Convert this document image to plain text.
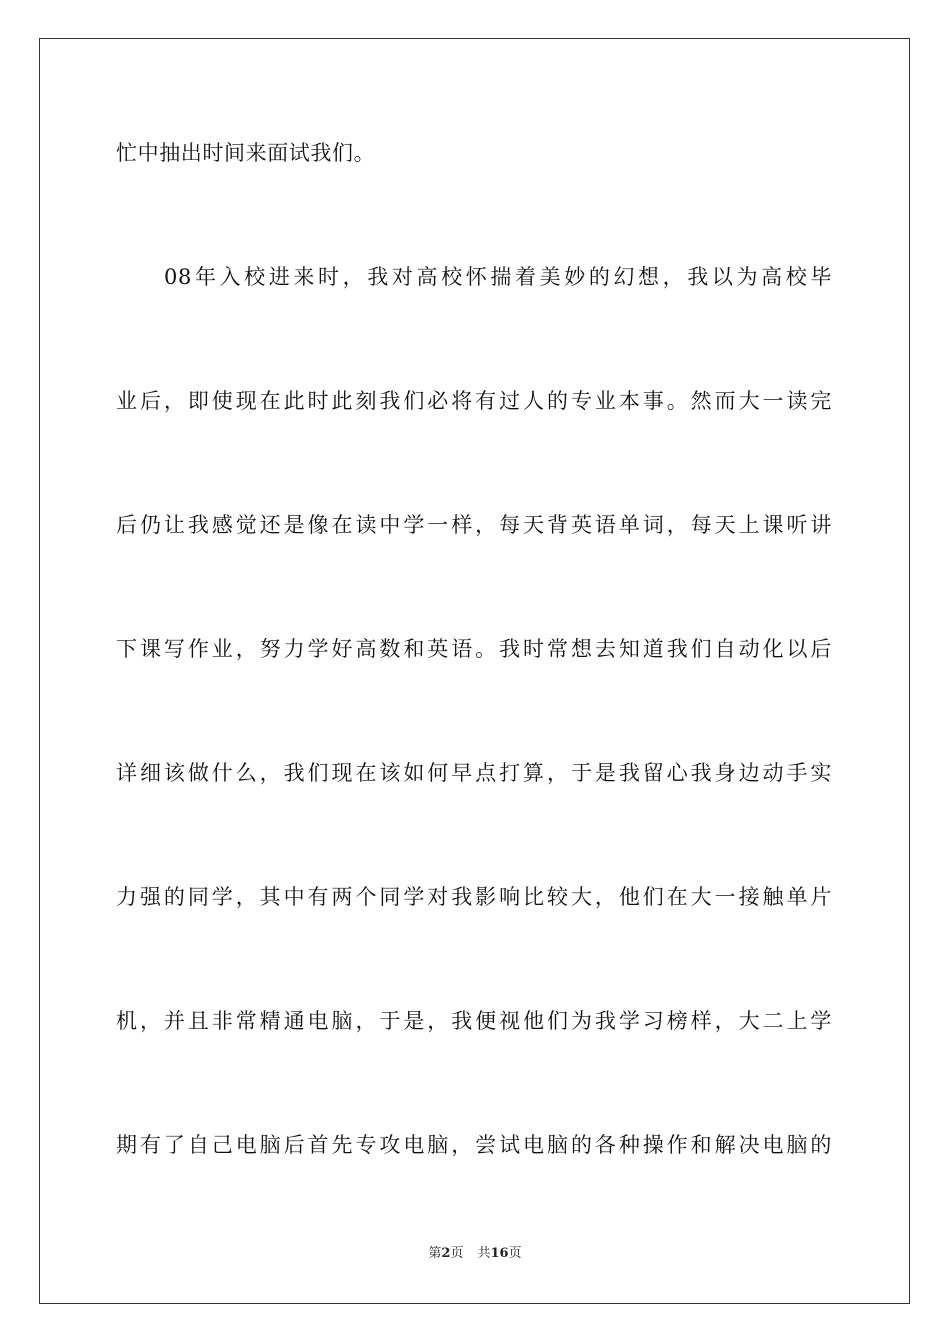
忙中抽出时间来面试我们。
08年入校进来时，我对高校怀揣着美妙的幻想，我以为高校毕
业后，即使现在此时此刻我们必将有过人的专业本事。然而大一读完
后仍让我感觉还是像在读中学一样，每天背英语单词，每天上课听讲
下课写作业，努力学好高数和英语。我时常想去知道我们自动化以后
详细该做什么，我们现在该如何早点打算，于是我留心我身边动手实
力强的同学，其中有两个同学对我影响比较大，他们在大一接触单片
机，并且非常精通电脑，于是，我便视他们为我学习榜样，大二上学
期有了自己电脑后首先专攻电脑，尝试电脑的各种操作和解决电脑的
第2页 共16页
